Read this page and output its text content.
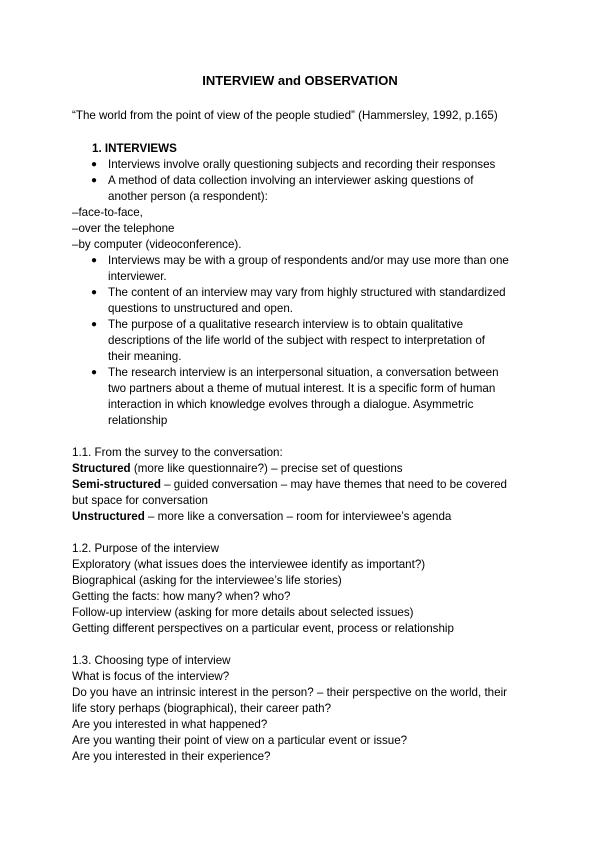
INTERVIEW and OBSERVATION
“The world from the point of view of the people studied” (Hammersley, 1992, p.165)
1. INTERVIEWS
● Interviews involve orally questioning subjects and recording their responses
● A method of data collection involving an interviewer asking questions of
another person (a respondent):
–face-to-face,
–over the telephone
–by computer (videoconference).
● Interviews may be with a group of respondents and/or may use more than one
interviewer.
● The content of an interview may vary from highly structured with standardized
questions to unstructured and open.
● The purpose of a qualitative research interview is to obtain qualitative
descriptions of the life world of the subject with respect to interpretation of
their meaning.
● The research interview is an interpersonal situation, a conversation between
two partners about a theme of mutual interest. It is a specific form of human
interaction in which knowledge evolves through a dialogue. Asymmetric
relationship
1.1. From the survey to the conversation:
Structured (more like questionnaire?) – precise set of questions
Semi-structured – guided conversation – may have themes that need to be covered
but space for conversation
Unstructured – more like a conversation – room for interviewee’s agenda
1.2. Purpose of the interview
Exploratory (what issues does the interviewee identify as important?)
Biographical (asking for the interviewee’s life stories)
Getting the facts: how many? when? who?
Follow-up interview (asking for more details about selected issues)
Getting different perspectives on a particular event, process or relationship
1.3. Choosing type of interview
What is focus of the interview?
Do you have an intrinsic interest in the person? – their perspective on the world, their
life story perhaps (biographical), their career path?
Are you interested in what happened?
Are you wanting their point of view on a particular event or issue?
Are you interested in their experience?
